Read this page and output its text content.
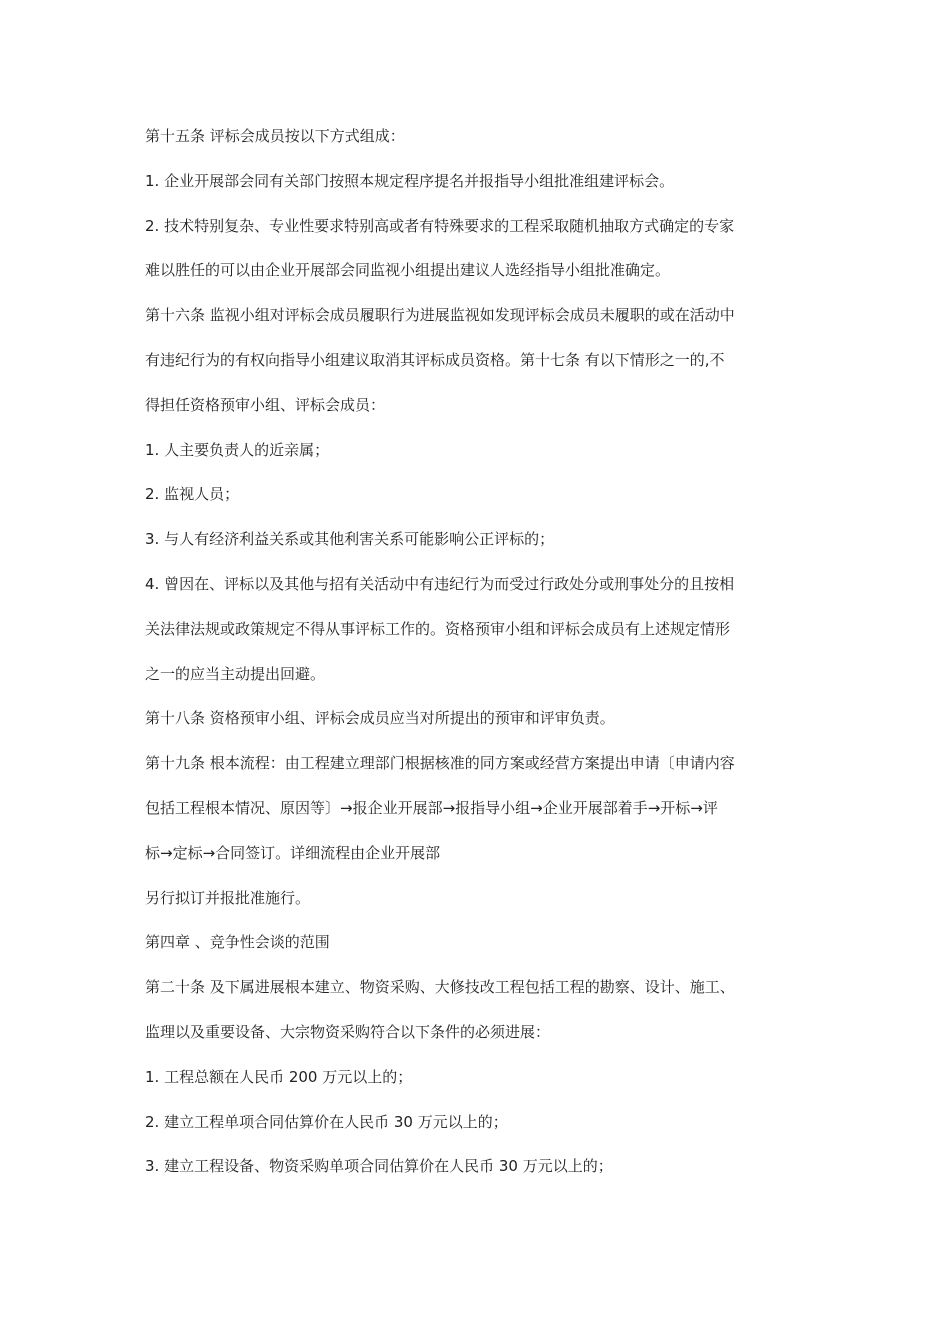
第十五条 评标会成员按以下方式组成：
1. 企业开展部会同有关部门按照本规定程序提名并报指导小组批准组建评标会。
2. 技术特别复杂、专业性要求特别高或者有特殊要求的工程采取随机抽取方式确定的专家
难以胜任的可以由企业开展部会同监视小组提出建议人选经指导小组批准确定。
第十六条 监视小组对评标会成员履职行为进展监视如发现评标会成员未履职的或在活动中
有违纪行为的有权向指导小组建议取消其评标成员资格。第十七条 有以下情形之一的,不
得担任资格预审小组、评标会成员：
1. 人主要负责人的近亲属；
2. 监视人员；
3. 与人有经济利益关系或其他利害关系可能影响公正评标的；
4. 曾因在、评标以及其他与招有关活动中有违纪行为而受过行政处分或刑事处分的且按相
关法律法规或政策规定不得从事评标工作的。资格预审小组和评标会成员有上述规定情形
之一的应当主动提出回避。
第十八条 资格预审小组、评标会成员应当对所提出的预审和评审负责。
第十九条 根本流程：由工程建立理部门根据核准的同方案或经营方案提出申请〔申请内容
包括工程根本情况、原因等〕→报企业开展部→报指导小组→企业开展部着手→开标→评
标→定标→合同签订。详细流程由企业开展部
另行拟订并报批准施行。
第四章 、竞争性会谈的范围
第二十条 及下属进展根本建立、物资采购、大修技改工程包括工程的勘察、设计、施工、
监理以及重要设备、大宗物资采购符合以下条件的必须进展：
1. 工程总额在人民币 200 万元以上的；
2. 建立工程单项合同估算价在人民币 30 万元以上的；
3. 建立工程设备、物资采购单项合同估算价在人民币 30 万元以上的；
